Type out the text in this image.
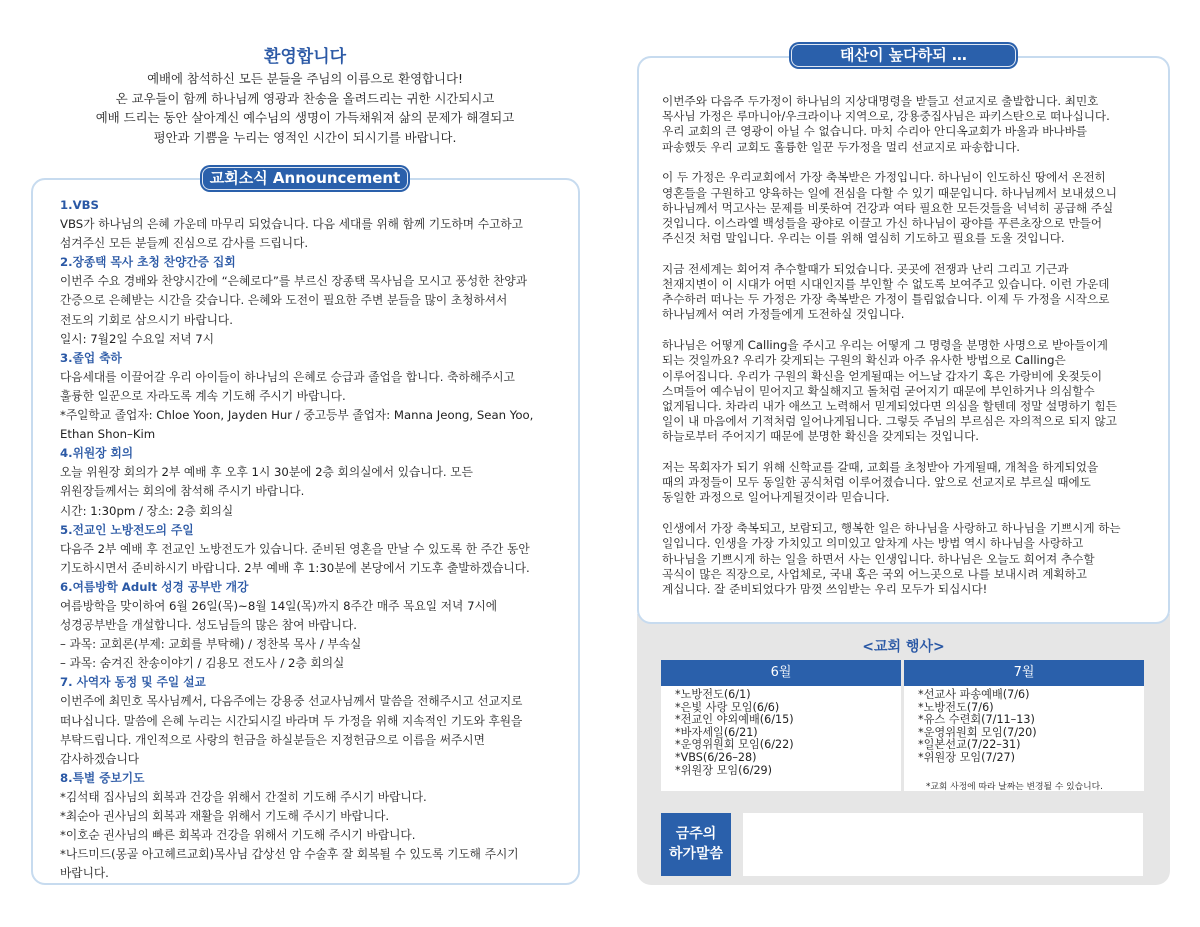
환영합니다
예배에 참석하신 모든 분들을 주님의 이름으로 환영합니다!
온 교우들이 함께 하나님께 영광과 찬송을 올려드리는 귀한 시간되시고
예배 드리는 동안 살아계신 예수님의 생명이 가득채워져 삶의 문제가 해결되고
평안과 기쁨을 누리는 영적인 시간이 되시기를 바랍니다.
교회소식 Announcement
1.VBS
VBS가 하나님의 은혜 가운데 마무리 되었습니다. 다음 세대를 위해 함께 기도하며 수고하고
섬겨주신 모든 분들께 진심으로 감사를 드립니다.
2.장종택 목사 초청 찬양간증 집회
이번주 수요 경배와 찬양시간에 “은혜로다”를 부르신 장종택 목사님을 모시고 풍성한 찬양과
간증으로 은혜받는 시간을 갖습니다. 은혜와 도전이 필요한 주변 분들을 많이 초청하셔서
전도의 기회로 삼으시기 바랍니다.
일시: 7월2일 수요일 저녁 7시
3.졸업 축하
다음세대를 이끌어갈 우리 아이들이 하나님의 은혜로 승급과 졸업을 합니다. 축하해주시고
훌륭한 일꾼으로 자라도록 계속 기도해 주시기 바랍니다.
*주일학교 졸업자: Chloe Yoon, Jayden Hur / 중고등부 졸업자: Manna Jeong, Sean Yoo,
Ethan Shon–Kim
4.위원장 회의
오늘 위원장 회의가 2부 예배 후 오후 1시 30분에 2층 회의실에서 있습니다. 모든
위원장들께서는 회의에 참석해 주시기 바랍니다.
시간: 1:30pm / 장소: 2층 회의실
5.전교인 노방전도의 주일
다음주 2부 예배 후 전교인 노방전도가 있습니다. 준비된 영혼을 만날 수 있도록 한 주간 동안
기도하시면서 준비하시기 바랍니다. 2부 예배 후 1:30분에 본당에서 기도후 출발하겠습니다.
6.여름방학 Adult 성경 공부반 개강
여름방학을 맞이하여 6월 26일(목)~8월 14일(목)까지 8주간 매주 목요일 저녁 7시에
성경공부반을 개설합니다. 성도님들의 많은 참여 바랍니다.
– 과목: 교회론(부제: 교회를 부탁해) / 정찬복 목사 / 부속실
– 과목: 숨겨진 찬송이야기 / 김용모 전도사 / 2층 회의실
7. 사역자 동정 및 주일 설교
이번주에 최민호 목사님께서, 다음주에는 강용중 선교사님께서 말씀을 전해주시고 선교지로
떠나십니다. 말씀에 은혜 누리는 시간되시길 바라며 두 가정을 위해 지속적인 기도와 후원을
부탁드립니다. 개인적으로 사랑의 헌금을 하실분들은 지정헌금으로 이름을 써주시면
감사하겠습니다
8.특별 중보기도
*김석태 집사님의 회복과 건강을 위해서 간절히 기도해 주시기 바랍니다.
*최순아 권사님의 회복과 재활을 위해서 기도해 주시기 바랍니다.
*이호순 권사님의 빠른 회복과 건강을 위해서 기도해 주시기 바랍니다.
*나드미드(몽골 아고헤르교회)목사님 갑상선 암 수술후 잘 회복될 수 있도록 기도해 주시기
바랍니다.
태산이 높다하되 …
이번주와 다음주 두가정이 하나님의 지상대명령을 받들고 선교지로 출발합니다. 최민호
목사님 가정은 루마니아/우크라이나 지역으로, 강용중집사님은 파키스탄으로 떠나십니다.
우리 교회의 큰 영광이 아닐 수 없습니다. 마치 수리아 안디옥교회가 바울과 바나바를
파송했듯 우리 교회도 훌륭한 일꾼 두가정을 멀리 선교지로 파송합니다.
이 두 가정은 우리교회에서 가장 축복받은 가정입니다. 하나님이 인도하신 땅에서 온전히
영혼들을 구원하고 양육하는 일에 전심을 다할 수 있기 때문입니다. 하나님께서 보내셨으니
하나님께서 먹고사는 문제를 비롯하여 건강과 여타 필요한 모든것들을 넉넉히 공급해 주실
것입니다. 이스라엘 백성들을 광야로 이끌고 가신 하나님이 광야를 푸른초장으로 만들어
주신것 처럼 말입니다. 우리는 이를 위해 열심히 기도하고 필요를 도울 것입니다.
지금 전세계는 회어져 추수할때가 되었습니다. 곳곳에 전쟁과 난리 그리고 기근과
천재지변이 이 시대가 어떤 시대인지를 부인할 수 없도록 보여주고 있습니다. 이런 가운데
추수하러 떠나는 두 가정은 가장 축복받은 가정이 틀림없습니다. 이제 두 가정을 시작으로
하나님께서 여러 가정들에게 도전하실 것입니다.
하나님은 어떻게 Calling을 주시고 우리는 어떻게 그 명령을 분명한 사명으로 받아들이게
되는 것일까요? 우리가 갖게되는 구원의 확신과 아주 유사한 방법으로 Calling은
이루어집니다. 우리가 구원의 확신을 얻게될때는 어느날 갑자기 혹은 가랑비에 옷젖듯이
스며들어 예수님이 믿어지고 확실해지고 돌처럼 굳어지기 때문에 부인하거나 의심할수
없게됩니다. 차라리 내가 애쓰고 노력해서 믿게되었다면 의심을 할텐데 정말 설명하기 힘든
일이 내 마음에서 기적처럼 일어나게됩니다. 그렇듯 주님의 부르심은 자의적으로 되지 않고
하늘로부터 주어지기 때문에 분명한 확신을 갖게되는 것입니다.
저는 목회자가 되기 위해 신학교를 갈때, 교회를 초청받아 가게될때, 개척을 하게되었을
때의 과정들이 모두 동일한 공식처럼 이루어졌습니다. 앞으로 선교지로 부르실 때에도
동일한 과정으로 일어나게될것이라 믿습니다.
인생에서 가장 축복되고, 보람되고, 행복한 일은 하나님을 사랑하고 하나님을 기쁘시게 하는
일입니다. 인생을 가장 가치있고 의미있고 알차게 사는 방법 역시 하나님을 사랑하고
하나님을 기쁘시게 하는 일을 하면서 사는 인생입니다. 하나님은 오늘도 희어져 추수할
곡식이 많은 직장으로, 사업체로, 국내 혹은 국외 어느곳으로 나를 보내시려 계획하고
계십니다. 잘 준비되었다가 맘껏 쓰임받는 우리 모두가 되십시다!
<교회 행사>
6월	7월
*노방전도(6/1)
*은빛 사랑 모임(6/6)
*전교인 야외예배(6/15)
*바자세일(6/21)
*운영위원회 모임(6/22)
*VBS(6/26–28)
*위원장 모임(6/29)
*선교사 파송예배(7/6)
*노방전도(7/6)
*유스 수련회(7/11–13)
*운영위원회 모임(7/20)
*일본선교(7/22–31)
*위원장 모임(7/27)
*교회 사정에 따라 날짜는 변경될 수 있습니다.
금주의
하가말씀
